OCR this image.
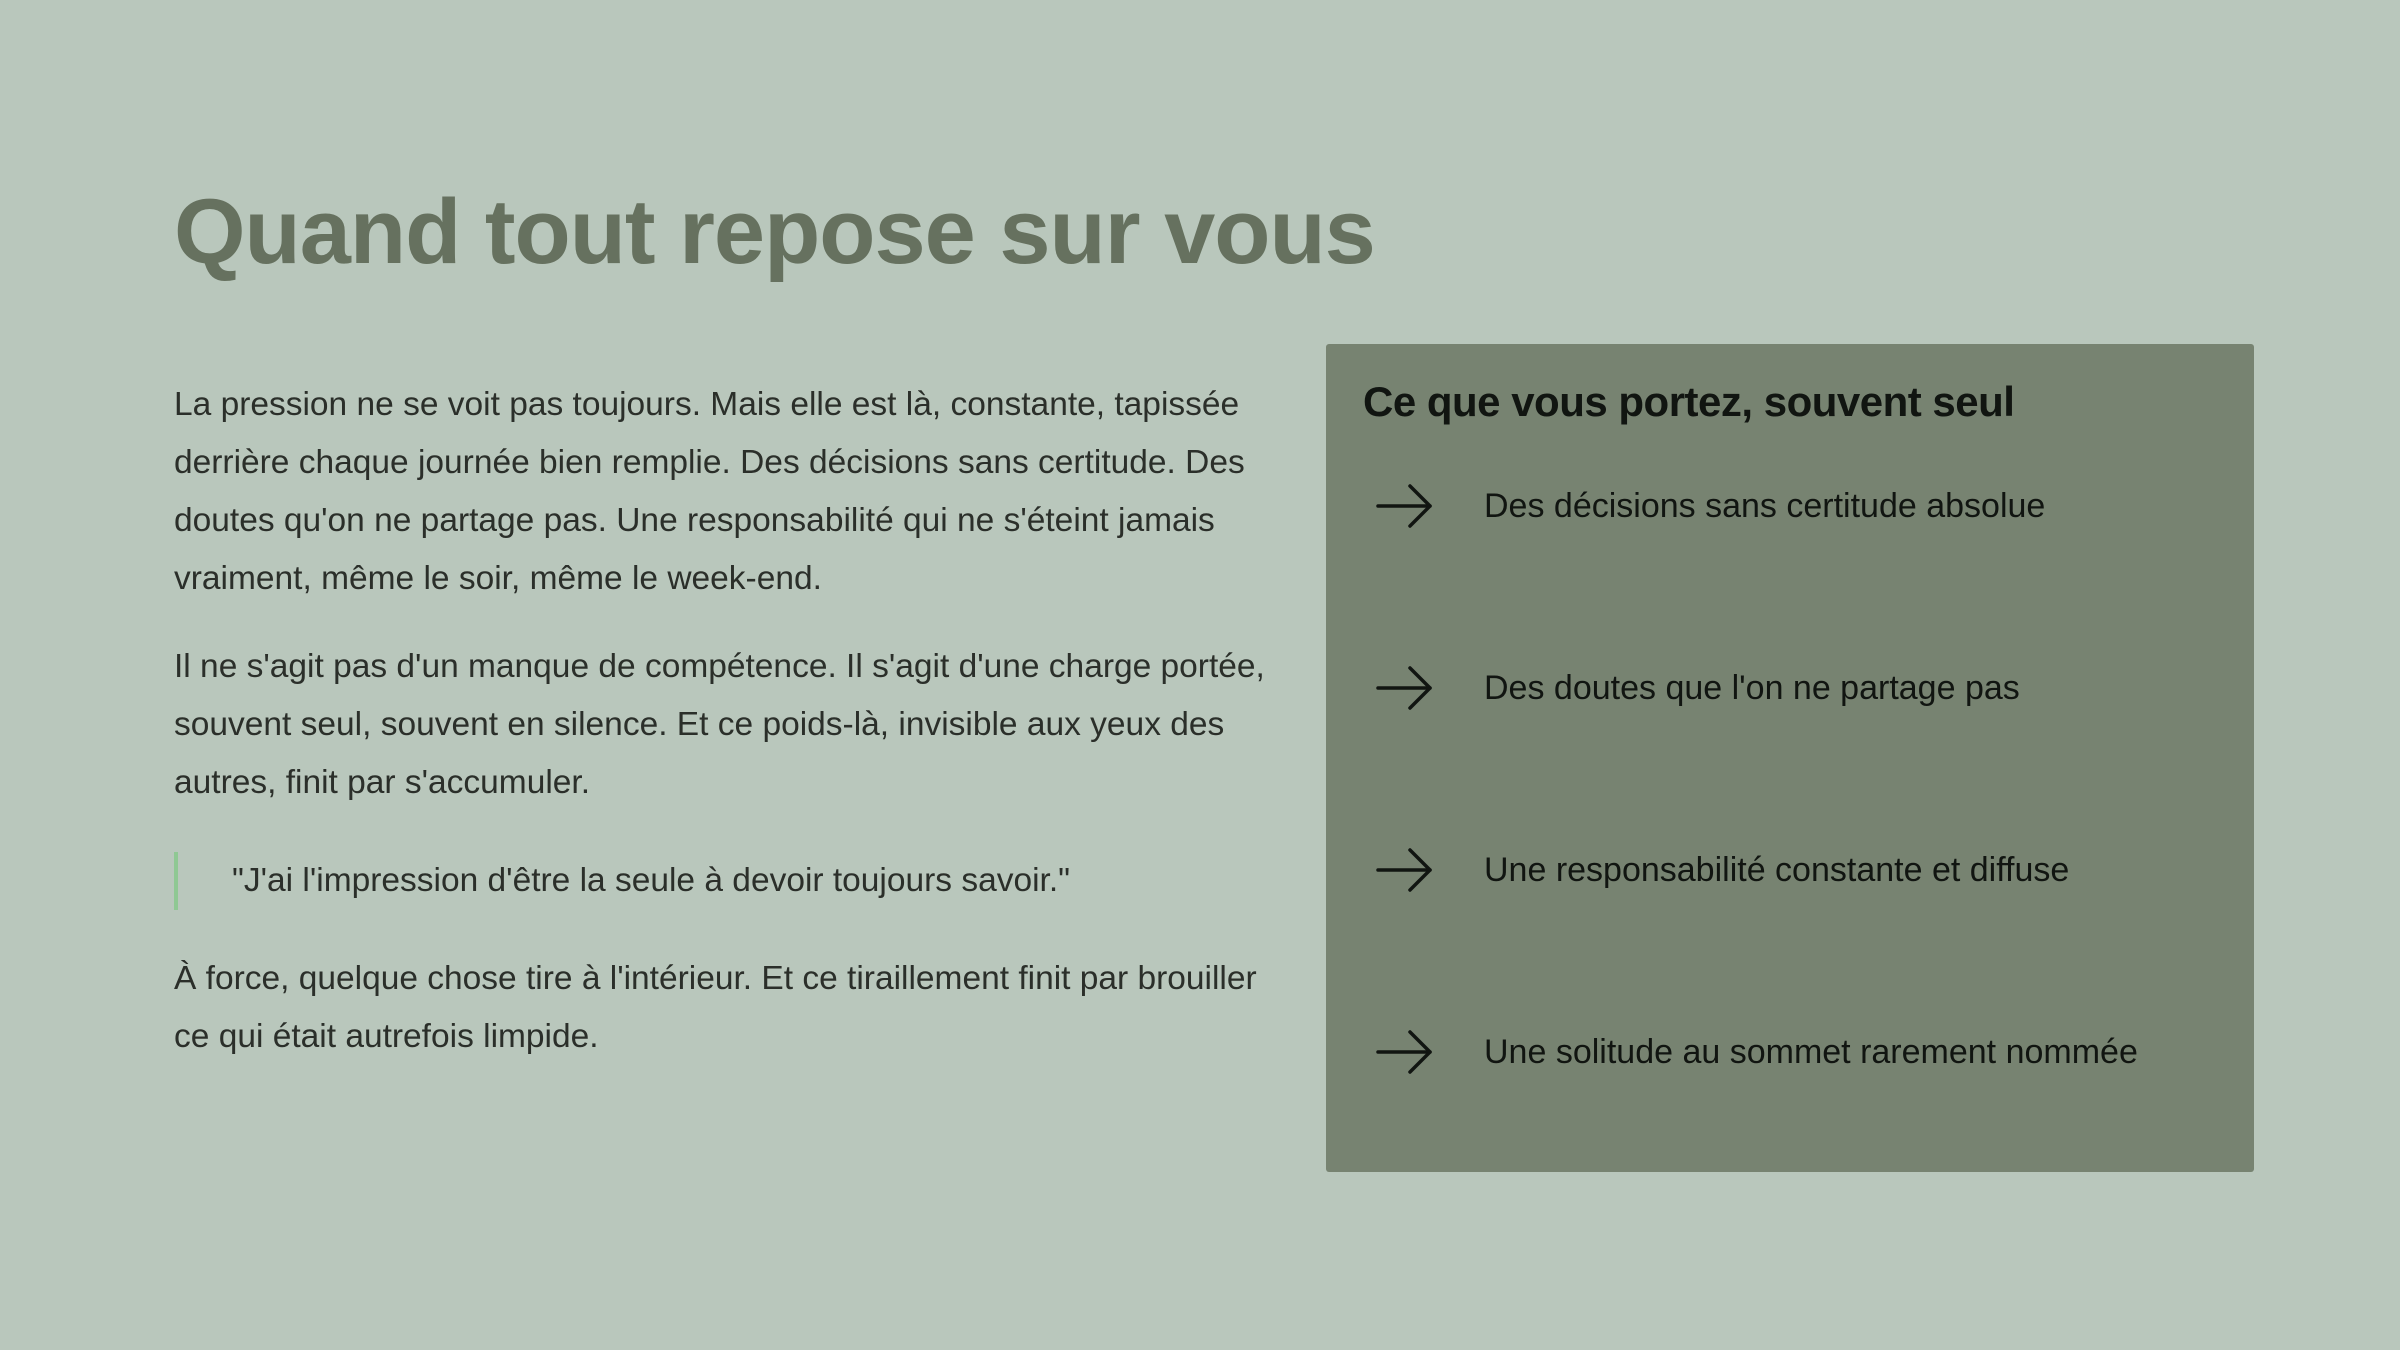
Quand tout repose sur vous

La pression ne se voit pas toujours. Mais elle est là, constante, tapissée derrière chaque journée bien remplie. Des décisions sans certitude. Des doutes qu'on ne partage pas. Une responsabilité qui ne s'éteint jamais vraiment, même le soir, même le week-end.

Il ne s'agit pas d'un manque de compétence. Il s'agit d'une charge portée, souvent seul, souvent en silence. Et ce poids-là, invisible aux yeux des autres, finit par s'accumuler.

"J'ai l'impression d'être la seule à devoir toujours savoir."

À force, quelque chose tire à l'intérieur. Et ce tiraillement finit par brouiller ce qui était autrefois limpide.

Ce que vous portez, souvent seul
Des décisions sans certitude absolue
Des doutes que l'on ne partage pas
Une responsabilité constante et diffuse
Une solitude au sommet rarement nommée
